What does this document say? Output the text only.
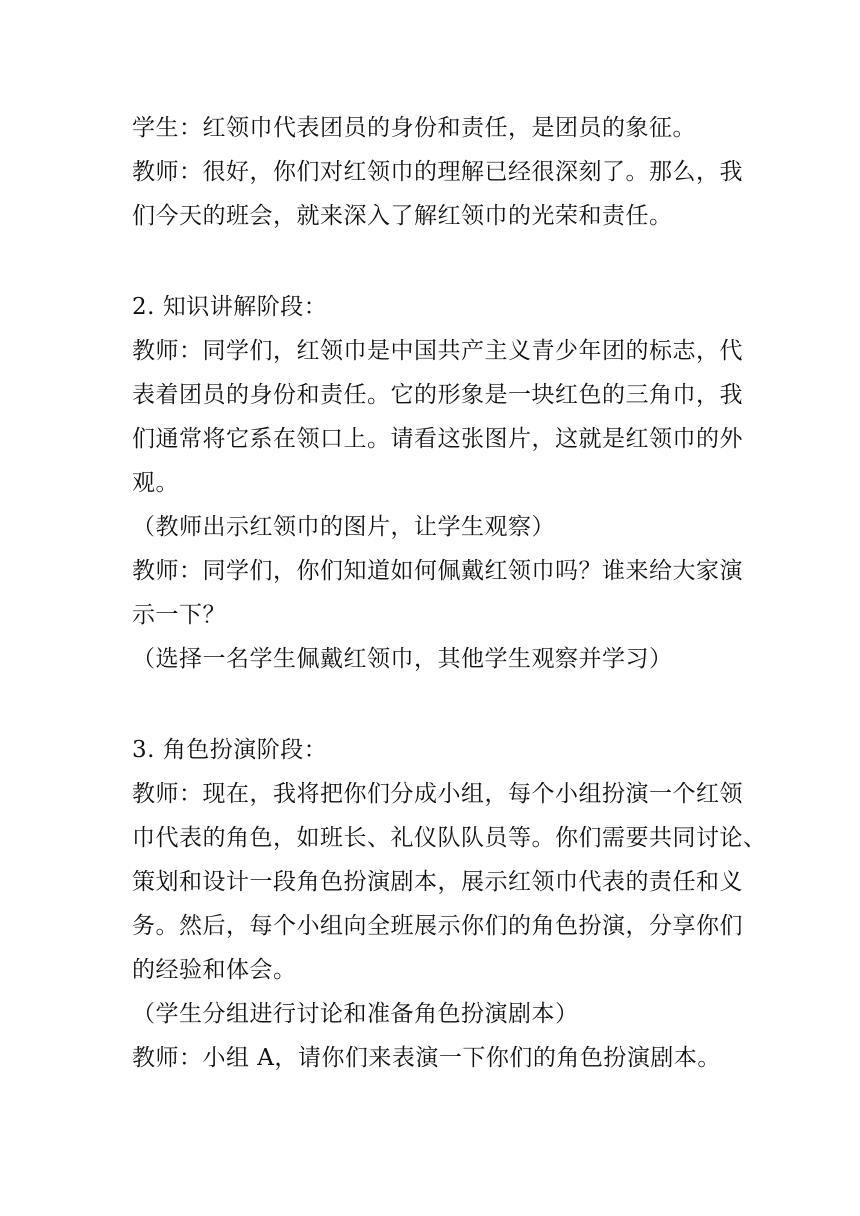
学生：红领巾代表团员的身份和责任，是团员的象征。
教师：很好，你们对红领巾的理解已经很深刻了。那么，我
们今天的班会，就来深入了解红领巾的光荣和责任。
2. 知识讲解阶段：
教师：同学们，红领巾是中国共产主义青少年团的标志，代
表着团员的身份和责任。它的形象是一块红色的三角巾，我
们通常将它系在领口上。请看这张图片，这就是红领巾的外
观。
（教师出示红领巾的图片，让学生观察）
教师：同学们，你们知道如何佩戴红领巾吗？谁来给大家演
示一下？
（选择一名学生佩戴红领巾，其他学生观察并学习）
3. 角色扮演阶段：
教师：现在，我将把你们分成小组，每个小组扮演一个红领
巾代表的角色，如班长、礼仪队队员等。你们需要共同讨论、
策划和设计一段角色扮演剧本，展示红领巾代表的责任和义
务。然后，每个小组向全班展示你们的角色扮演，分享你们
的经验和体会。
（学生分组进行讨论和准备角色扮演剧本）
教师：小组 A，请你们来表演一下你们的角色扮演剧本。
